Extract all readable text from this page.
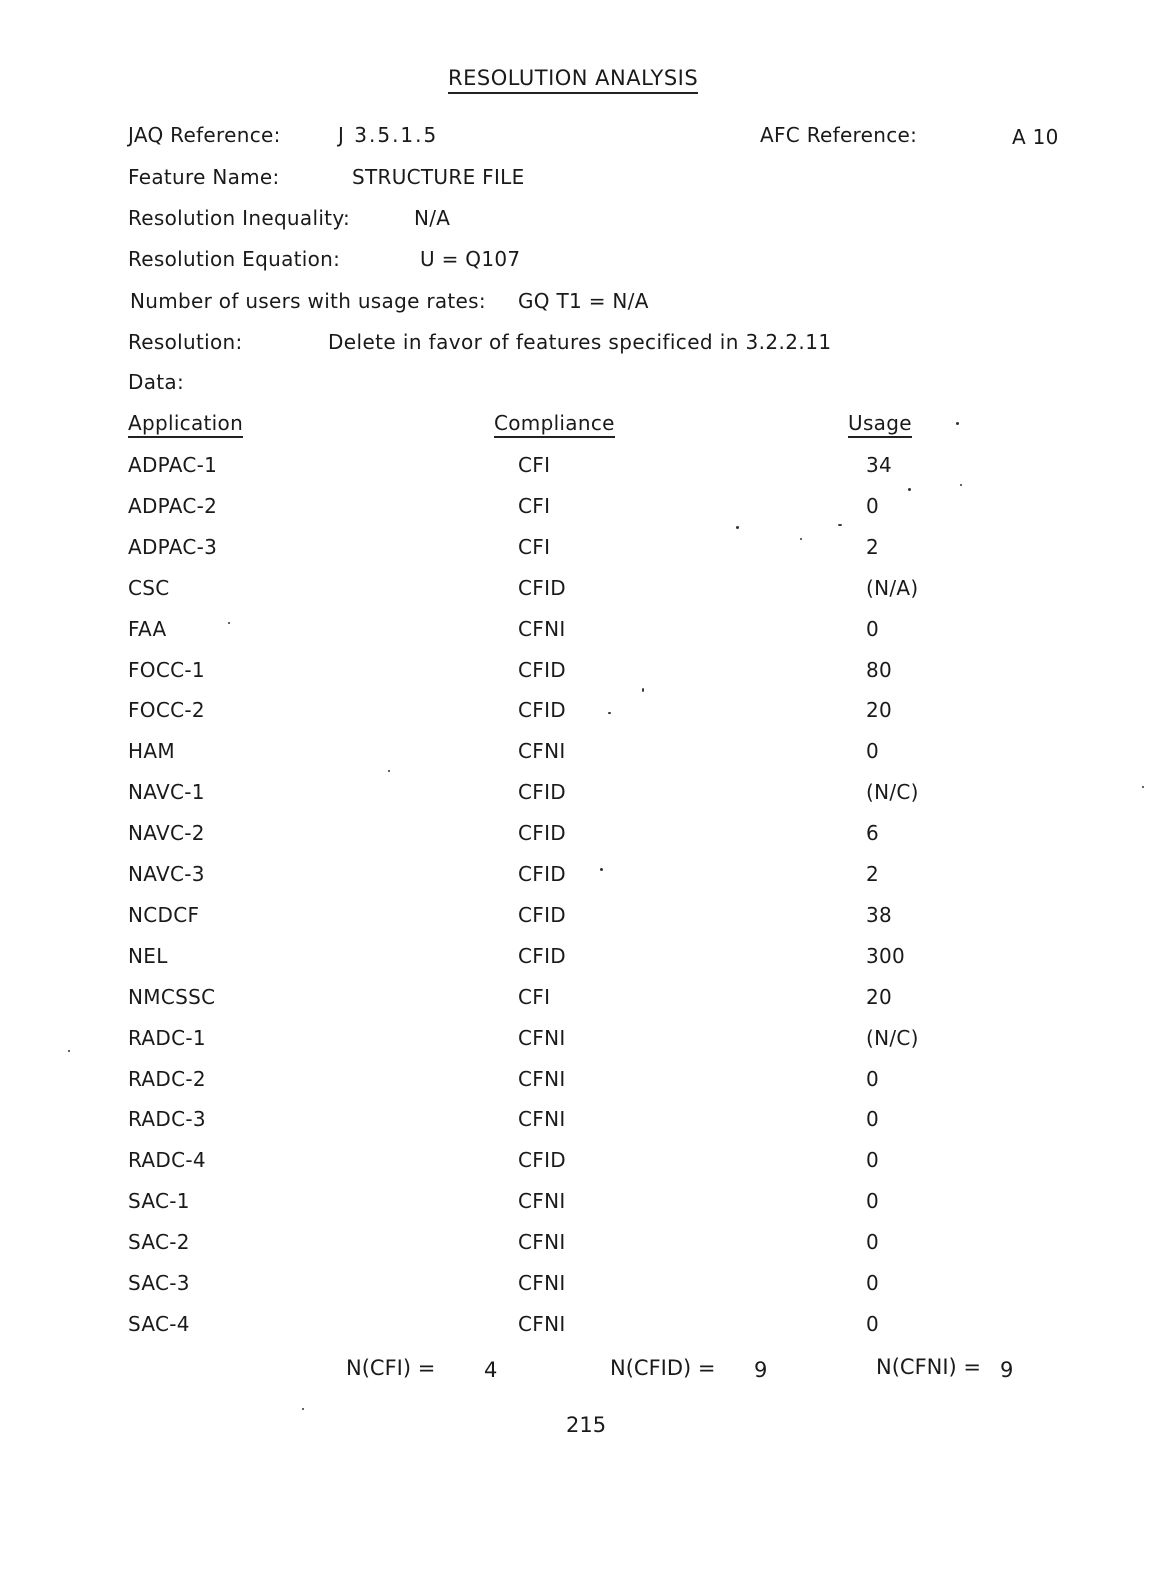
RESOLUTION ANALYSIS
JAQ Reference:	J 3.5.1.5	AFC Reference:	A 10
Feature Name:	STRUCTURE FILE
Resolution Inequality:	N/A
Resolution Equation:	U = Q107
Number of users with usage rates: GQ T1 = N/A
Resolution:	Delete in favor of features specificed in 3.2.2.11
Data:
Application	Compliance	Usage
ADPAC-1	CFI	34
ADPAC-2	CFI	0
ADPAC-3	CFI	2
CSC	CFID	(N/A)
FAA	CFNI	0
FOCC-1	CFID	80
FOCC-2	CFID	20
HAM	CFNI	0
NAVC-1	CFID	(N/C)
NAVC-2	CFID	6
NAVC-3	CFID	2
NCDCF	CFID	38
NEL	CFID	300
NMCSSC	CFI	20
RADC-1	CFNI	(N/C)
RADC-2	CFNI	0
RADC-3	CFNI	0
RADC-4	CFID	0
SAC-1	CFNI	0
SAC-2	CFNI	0
SAC-3	CFNI	0
SAC-4	CFNI	0
N(CFI) = 4	N(CFID) = 9	N(CFNI) = 9
215
